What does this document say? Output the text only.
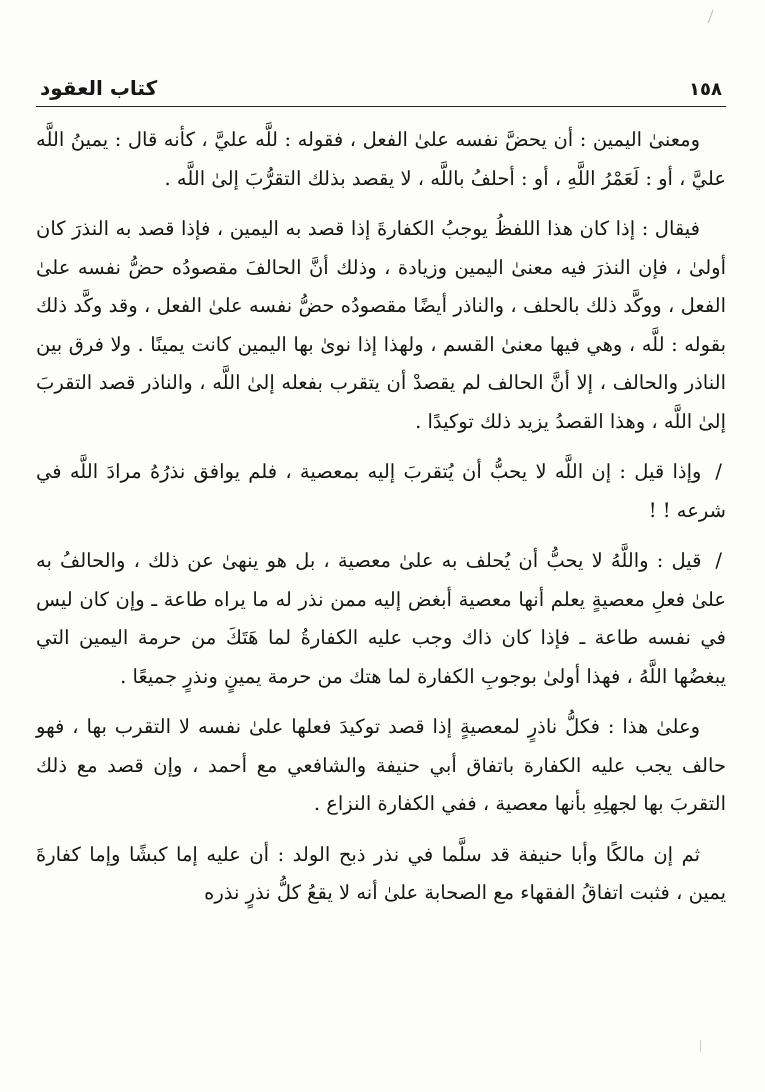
١٥٨
كتاب العقود

ومعنىٰ اليمين : أن يحضَّ نفسه علىٰ الفعل ، فقوله : للَّه عليَّ ، كأنه قال : يمينُ اللَّه عليَّ ، أو : لَعَمْرُ اللَّهِ ، أو : أحلفُ باللَّه ، لا يقصد بذلك التقرُّبَ إلىٰ اللَّه .

فيقال : إذا كان هذا اللفظُ يوجبُ الكفارةَ إذا قصد به اليمين ، فإذا قصد به النذرَ كان أولىٰ ، فإن النذرَ فيه معنىٰ اليمين وزيادة ، وذلك أنَّ الحالفَ مقصودُه حضُّ نفسه علىٰ الفعل ، ووكَّد ذلك بالحلف ، والناذر أيضًا مقصودُه حضُّ نفسه علىٰ الفعل ، وقد وكَّد ذلك بقوله : للَّه ، وهي فيها معنىٰ القسم ، ولهذا إذا نوىٰ بها اليمين كانت يمينًا . ولا فرق بين الناذر والحالف ، إلا أنَّ الحالف لم يقصدْ أن يتقرب بفعله إلىٰ اللَّه ، والناذر قصد التقربَ إلىٰ اللَّه ، وهذا القصدُ يزيد ذلك توكيدًا .

/وإذا قيل : إن اللَّه لا يحبُّ أن يُتقربَ إليه بمعصية ، فلم يوافق نذرُهُ مرادَ اللَّه في شرعه ! !

/قيل : واللَّهُ لا يحبُّ أن يُحلف به علىٰ معصية ، بل هو ينهىٰ عن ذلك ، والحالفُ به علىٰ فعلِ معصيةٍ يعلم أنها معصية أبغض إليه ممن نذر له ما يراه طاعة ـ وإن كان ليس في نفسه طاعة ـ فإذا كان ذاك وجب عليه الكفارةُ لما هَتَكَ من حرمة اليمين التي يبغضُها اللَّهُ ، فهذا أولىٰ بوجوبِ الكفارة لما هتك من حرمة يمينٍ ونذرٍ جميعًا .

وعلىٰ هذا : فكلُّ ناذرٍ لمعصيةٍ إذا قصد توكيدَ فعلها علىٰ نفسه لا التقرب بها ، فهو حالف يجب عليه الكفارة باتفاق أبي حنيفة والشافعي مع أحمد ، وإن قصد مع ذلك التقربَ بها لجهلِهِ بأنها معصية ، ففي الكفارة النزاع .

ثم إن مالكًا وأبا حنيفة قد سلَّما في نذر ذبح الولد : أن عليه إما كبشًا وإما كفارةَ يمين ، فثبت اتفاقُ الفقهاء مع الصحابة علىٰ أنه لا يقعُ كلُّ نذرٍ نذره
